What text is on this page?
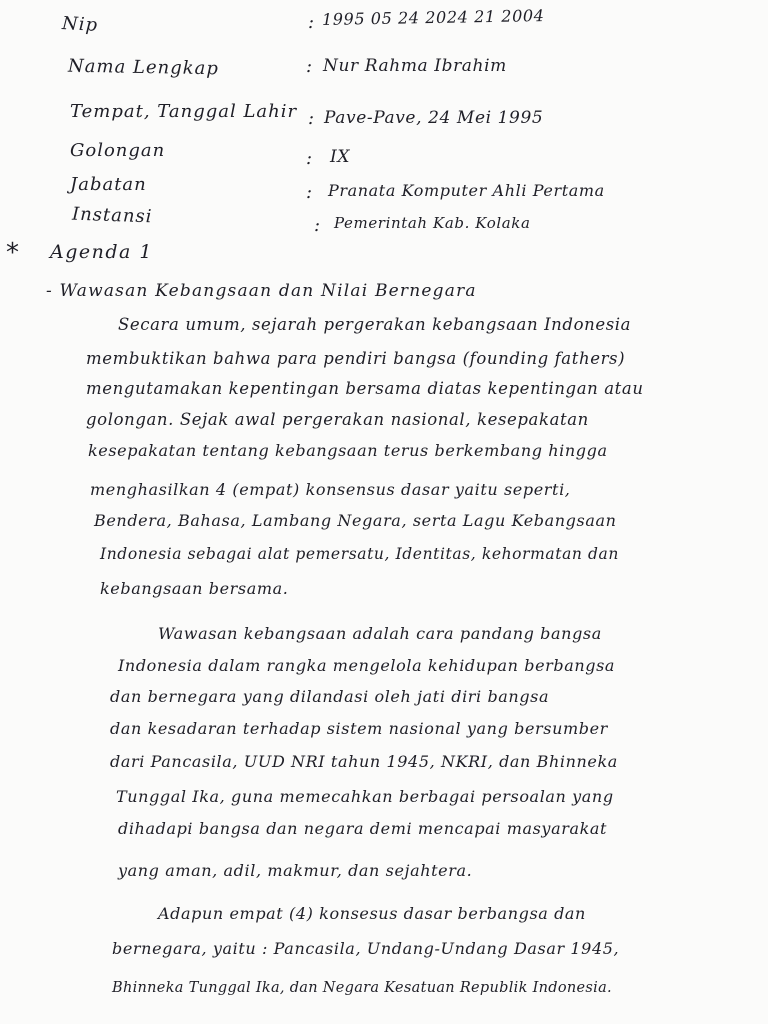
Nip
Nama Lengkap
Tempat, Tanggal Lahir
Golongan
Jabatan
Instansi
:
:
:
:
:
:
1995 05 24 2024 21 2004
Nur Rahma Ibrahim
Pave-Pave, 24 Mei 1995
IX
Pranata Komputer Ahli Pertama
Pemerintah Kab. Kolaka
* Agenda 1
- Wawasan Kebangsaan dan Nilai Bernegara
Secara umum, sejarah pergerakan kebangsaan Indonesia
membuktikan bahwa para pendiri bangsa (founding fathers)
mengutamakan kepentingan bersama diatas kepentingan atau
golongan. Sejak awal pergerakan nasional, kesepakatan
kesepakatan tentang kebangsaan terus berkembang hingga
menghasilkan 4 (empat) konsensus dasar yaitu seperti,
Bendera, Bahasa, Lambang Negara, serta Lagu Kebangsaan
Indonesia sebagai alat pemersatu, Identitas, kehormatan dan
kebangsaan bersama.
Wawasan kebangsaan adalah cara pandang bangsa
Indonesia dalam rangka mengelola kehidupan berbangsa
dan bernegara yang dilandasi oleh jati diri bangsa
dan kesadaran terhadap sistem nasional yang bersumber
dari Pancasila, UUD NRI tahun 1945, NKRI, dan Bhinneka
Tunggal Ika, guna memecahkan berbagai persoalan yang
dihadapi bangsa dan negara demi mencapai masyarakat
yang aman, adil, makmur, dan sejahtera.
Adapun empat (4) konsesus dasar berbangsa dan
bernegara, yaitu : Pancasila, Undang-Undang Dasar 1945,
Bhinneka Tunggal Ika, dan Negara Kesatuan Republik Indonesia.
